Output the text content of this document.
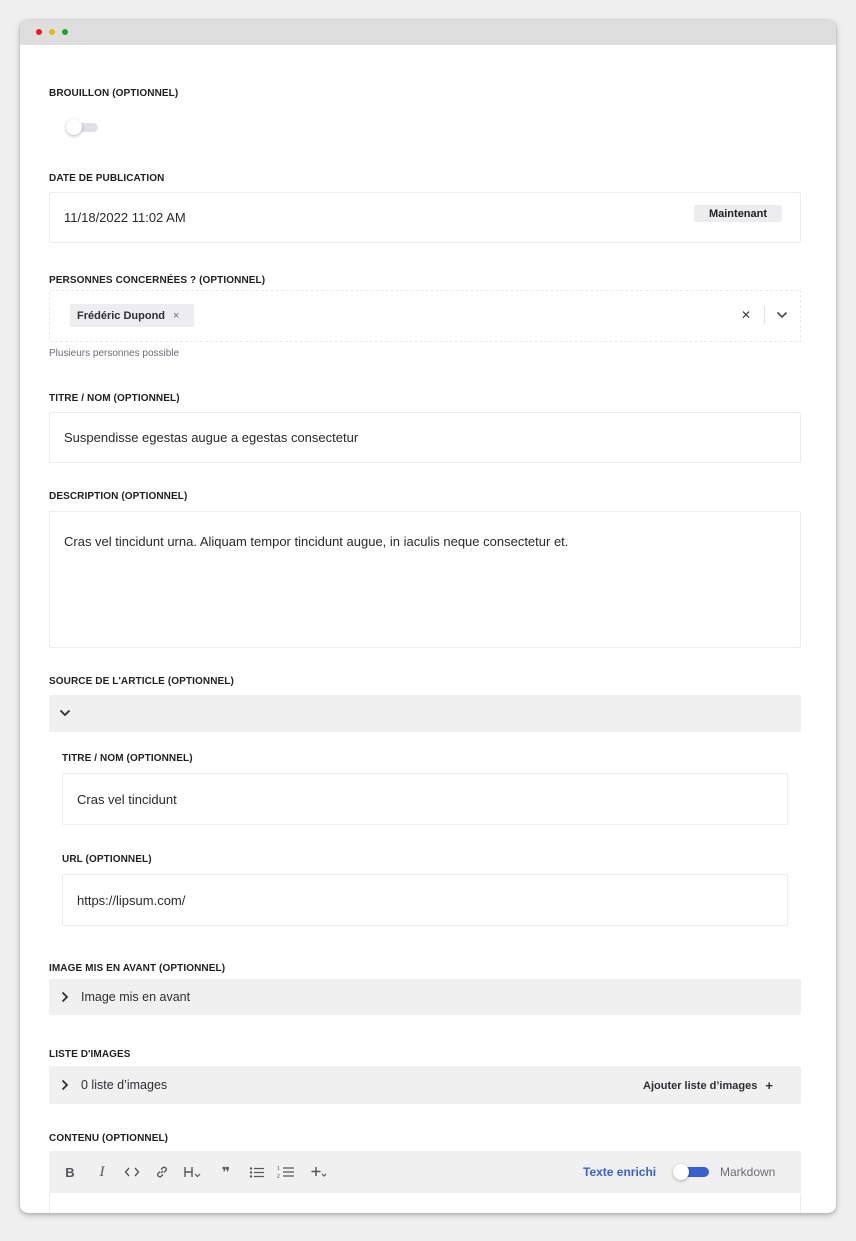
BROUILLON (OPTIONNEL)
DATE DE PUBLICATION
11/18/2022 11:02 AM	Maintenant
PERSONNES CONCERNÉES ? (OPTIONNEL)
Frédéric Dupond ×	✕
Plusieurs personnes possible
TITRE / NOM (OPTIONNEL)
Suspendisse egestas augue a egestas consectetur
DESCRIPTION (OPTIONNEL)
Cras vel tincidunt urna. Aliquam tempor tincidunt augue, in iaculis neque consectetur et.
SOURCE DE L'ARTICLE (OPTIONNEL)
TITRE / NOM (OPTIONNEL)
Cras vel tincidunt
URL (OPTIONNEL)
https://lipsum.com/
IMAGE MIS EN AVANT (OPTIONNEL)
Image mis en avant
LISTE D'IMAGES
0 liste d’images	Ajouter liste d’images +
CONTENU (OPTIONNEL)
B	I	❞	1
2	Texte enrichi	Markdown
